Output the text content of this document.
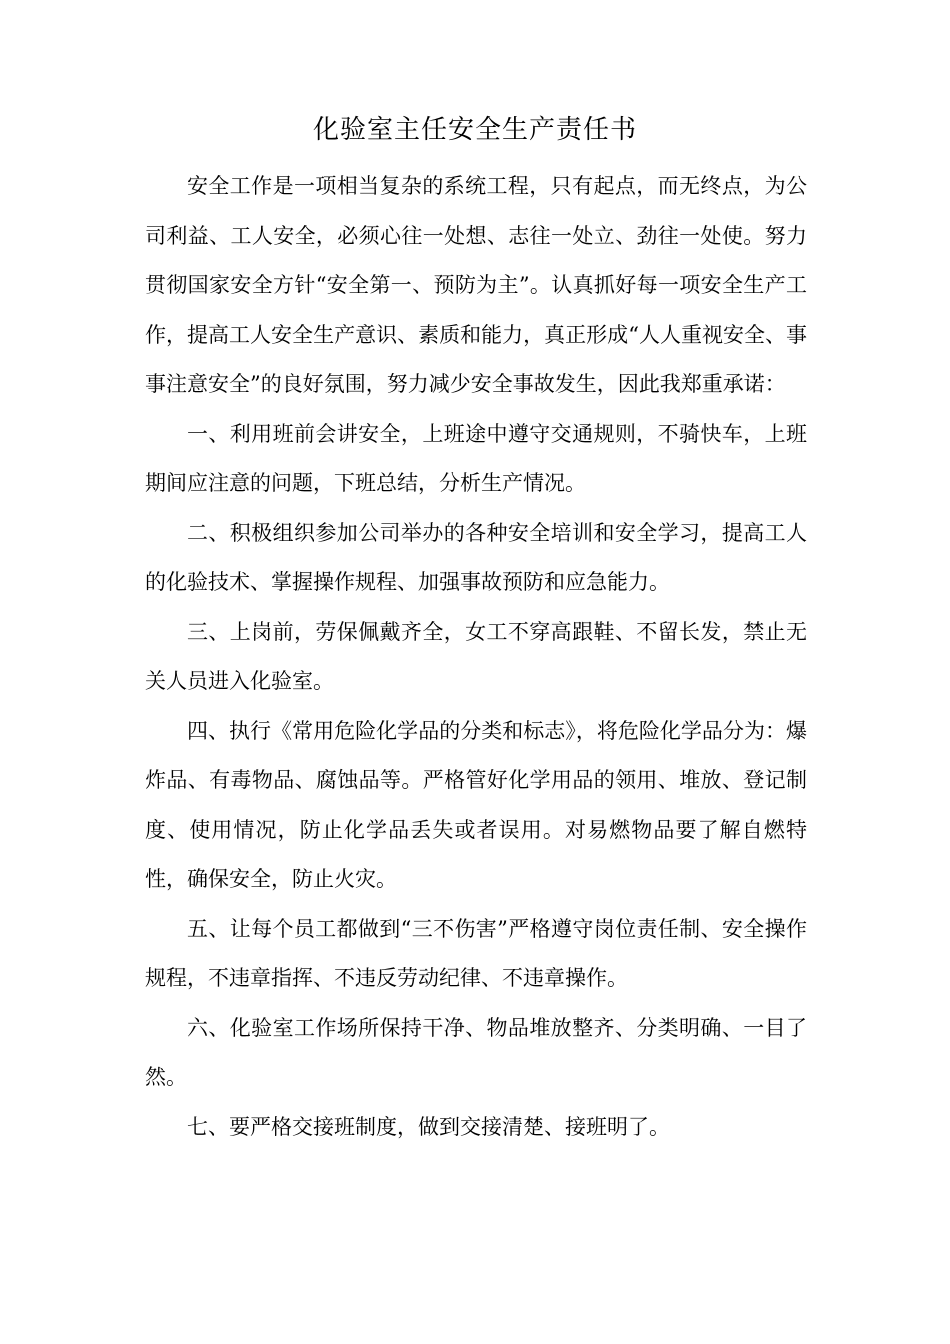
化验室主任安全生产责任书

安全工作是一项相当复杂的系统工程，只有起点，而无终点，为公司利益、工人安全，必须心往一处想、志往一处立、劲往一处使。努力贯彻国家安全方针“安全第一、预防为主”。认真抓好每一项安全生产工作，提高工人安全生产意识、素质和能力，真正形成“人人重视安全、事事注意安全”的良好氛围，努力减少安全事故发生，因此我郑重承诺：

一、利用班前会讲安全，上班途中遵守交通规则，不骑快车，上班期间应注意的问题，下班总结，分析生产情况。

二、积极组织参加公司举办的各种安全培训和安全学习，提高工人的化验技术、掌握操作规程、加强事故预防和应急能力。

三、上岗前，劳保佩戴齐全，女工不穿高跟鞋、不留长发，禁止无关人员进入化验室。

四、执行《常用危险化学品的分类和标志》，将危险化学品分为：爆炸品、有毒物品、腐蚀品等。严格管好化学用品的领用、堆放、登记制度、使用情况，防止化学品丢失或者误用。对易燃物品要了解自燃特性，确保安全，防止火灾。

五、让每个员工都做到“三不伤害”严格遵守岗位责任制、安全操作规程，不违章指挥、不违反劳动纪律、不违章操作。

六、化验室工作场所保持干净、物品堆放整齐、分类明确、一目了然。

七、要严格交接班制度，做到交接清楚、接班明了。
